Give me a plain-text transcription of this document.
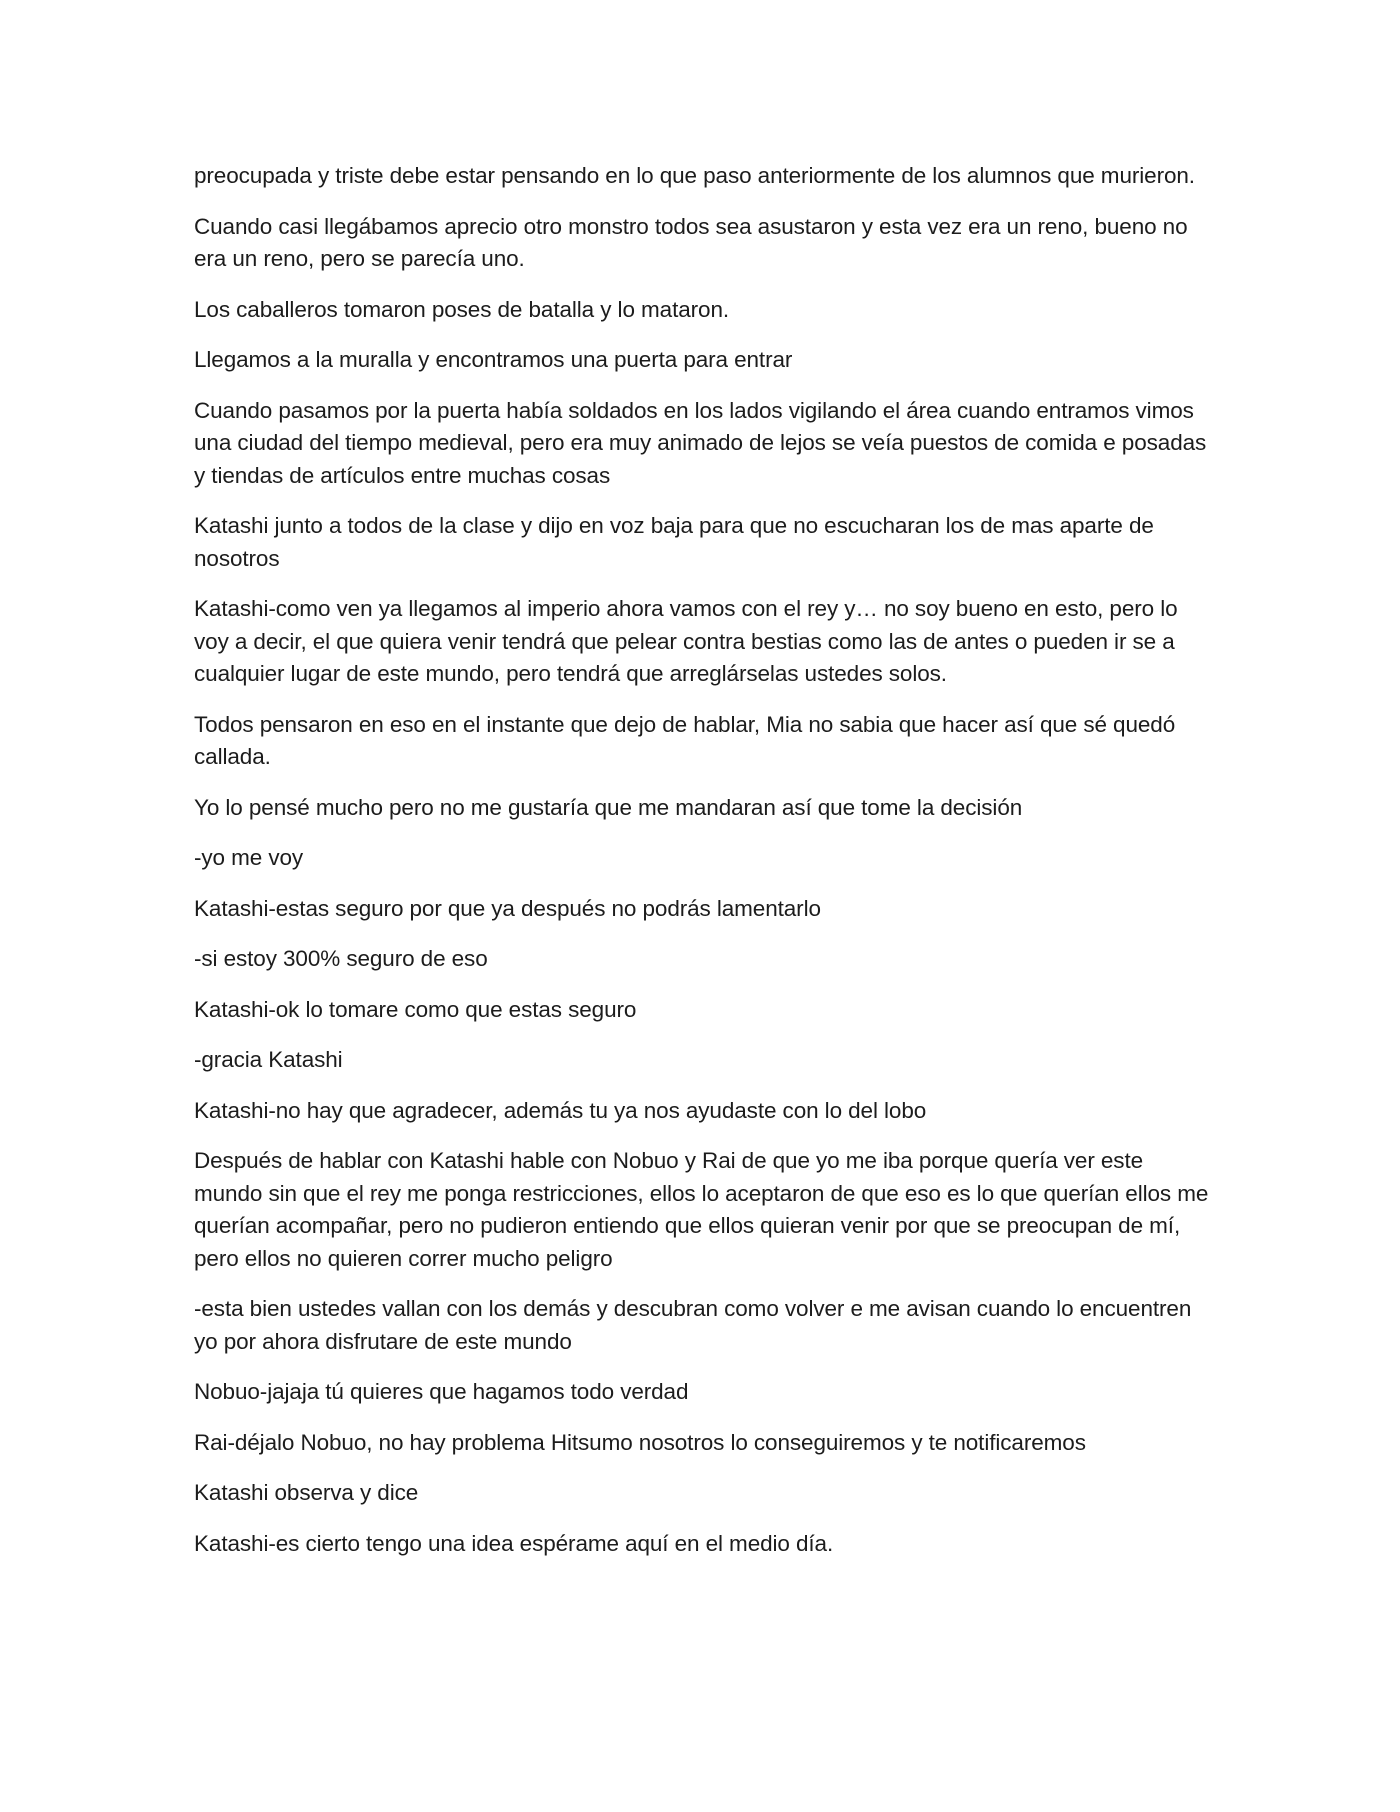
preocupada y triste debe estar pensando en lo que paso anteriormente de los alumnos que murieron.

Cuando casi llegábamos aprecio otro monstro todos sea asustaron y esta vez era un reno, bueno no era un reno, pero se parecía uno.

Los caballeros tomaron poses de batalla y lo mataron.

Llegamos a la muralla y encontramos una puerta para entrar

Cuando pasamos por la puerta había soldados en los lados vigilando el área cuando entramos vimos una ciudad del tiempo medieval, pero era muy animado de lejos se veía puestos de comida e posadas y tiendas de artículos entre muchas cosas

Katashi junto a todos de la clase y dijo en voz baja para que no escucharan los de mas aparte de nosotros

Katashi-como ven ya llegamos al imperio ahora vamos con el rey y… no soy bueno en esto, pero lo voy a decir, el que quiera venir tendrá que pelear contra bestias como las de antes o pueden ir se a cualquier lugar de este mundo, pero tendrá que arreglárselas ustedes solos.

Todos pensaron en eso en el instante que dejo de hablar, Mia no sabia que hacer así que sé quedó callada.

Yo lo pensé mucho pero no me gustaría que me mandaran así que tome la decisión

-yo me voy

Katashi-estas seguro por que ya después no podrás lamentarlo

-si estoy 300% seguro de eso

Katashi-ok lo tomare como que estas seguro

-gracia Katashi

Katashi-no hay que agradecer, además tu ya nos ayudaste con lo del lobo

Después de hablar con Katashi hable con Nobuo y Rai de que yo me iba porque quería ver este mundo sin que el rey me ponga restricciones, ellos lo aceptaron de que eso es lo que querían ellos me querían acompañar, pero no pudieron entiendo que ellos quieran venir por que se preocupan de mí, pero ellos no quieren correr mucho peligro

-esta bien ustedes vallan con los demás y descubran como volver e me avisan cuando lo encuentren yo por ahora disfrutare de este mundo

Nobuo-jajaja tú quieres que hagamos todo verdad

Rai-déjalo Nobuo, no hay problema Hitsumo nosotros lo conseguiremos y te notificaremos

Katashi observa y dice

Katashi-es cierto tengo una idea espérame aquí en el medio día.
